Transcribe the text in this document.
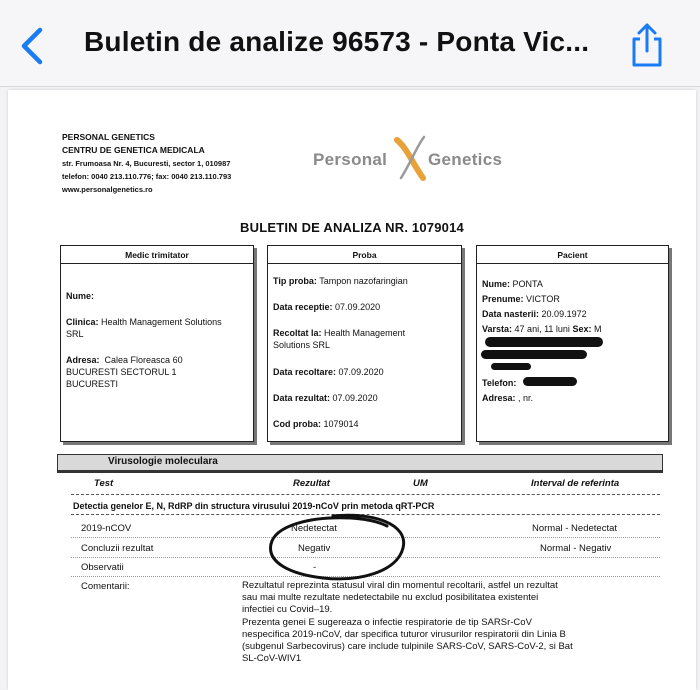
Buletin de analize 96573 - Ponta Vic...
PERSONAL GENETICS
CENTRU DE GENETICA MEDICALA
str. Frumoasa Nr. 4, Bucuresti, sector 1, 010987
telefon: 0040 213.110.776; fax: 0040 213.110.793
www.personalgenetics.ro
Personal Genetics
BULETIN DE ANALIZA NR. 1079014
Medic trimitator
Nume:
Clinica: Health Management Solutions
SRL
Adresa: Calea Floreasca 60
BUCURESTI SECTORUL 1
BUCURESTI
Proba
Tip proba: Tampon nazofaringian
Data receptie: 07.09.2020
Recoltat la: Health Management
Solutions SRL
Data recoltare: 07.09.2020
Data rezultat: 07.09.2020
Cod proba: 1079014
Pacient
Nume: PONTA
Prenume: VICTOR
Data nasterii: 20.09.1972
Varsta: 47 ani, 11 luni Sex: M
Telefon:
Adresa: , nr.
Virusologie moleculara
Test	Rezultat	UM	Interval de referinta
Detectia genelor E, N, RdRP din structura virusului 2019-nCoV prin metoda qRT-PCR
2019-nCOV	Nedetectat	Normal - Nedetectat
Concluzii rezultat	Negativ	Normal - Negativ
Observatii	-
Comentarii:	Rezultatul reprezinta statusul viral din momentul recoltarii, astfel un rezultat
sau mai multe rezultate nedetectabile nu exclud posibilitatea existentei
infectiei cu Covid–19.
Prezenta genei E sugereaza o infectie respiratorie de tip SARSr-CoV
nespecifica 2019-nCoV, dar specifica tuturor virusurilor respiratorii din Linia B
(subgenul Sarbecovirus) care include tulpinile SARS-CoV, SARS-CoV-2, si Bat
SL-CoV-WIV1
